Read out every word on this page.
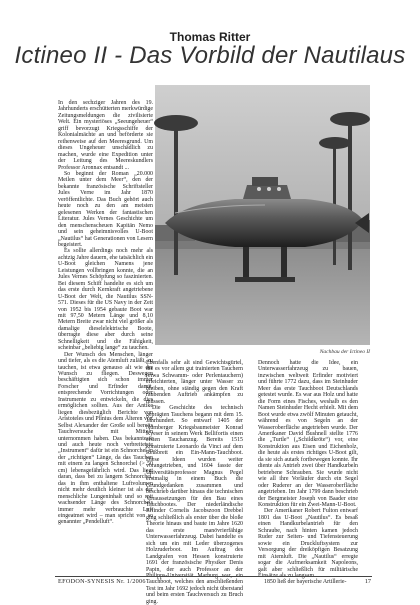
Thomas Ritter
Ictineo II - Das Vorbild der Nautilaus

In den sechziger Jahren des 19. Jahrhunderts erschütterten merkwürdige Zeitungsmeldungen die zivilisierte Welt. Ein mysteriöses „Seeungeheuer“ griff bevorzugt Kriegsschiffe der Kolonialmächte an und beförderte sie reihenweise auf den Meeresgrund. Um dieses Ungeheuer unschädlich zu machen, wurde eine Expedition unter der Leitung des Meereskundlers Professor Aronnax entsandt ...

So beginnt der Roman „20.000 Meilen unter dem Meer“, den der bekannte französische Schriftsteller Jules Verne im Jahr 1870 veröffentlichte. Das Buch gehört auch heute noch zu den am meisten gelesenen Werken der fantastischen Literatur. Jules Vernes Geschichte um den menschenscheuen Kapitän Nemo und sein geheimnisvolles U-Boot „Nautilus“ hat Generationen von Lesern begeistert.

Es sollte allerdings noch mehr als achtzig Jahre dauern, ehe tatsächlich ein U-Boot gleichen Namens jene Leistungen vollbringen konnte, die an Jules Vernes Schöpfung so faszinierten. Bei diesem Schiff handelte es sich um das erste durch Kernkraft angetriebene U-Boot der Welt, die Nautilus SSN-571. Dieses für die US Navy in der Zeit von 1952 bis 1954 gebaute Boot war mit 97,50 Metern Länge und 8,10 Metern Breite zwar nicht viel größer als damalige dieselelektrische Boote, überragte diese aber durch seine Schnelligkeit und die Fähigkeit, scheinbar „beliebig lange“ zu tauchen.

Der Wunsch des Menschen, länger und tiefer, als es die Atemluft zuläßt, zu tauchen, ist etwa genauso alt wie der Wunsch zu fliegen. Deswegen beschäftigten sich schon immer Forscher und Erfinder damit, entsprechende Vorrichtungen oder Instrumente zu entwickeln, die dies ermöglichen sollten. Aus der Antike liegen diesbezüglich Berichte von Aristoteles und Plinius dem Älteren vor. Selbst Alexander der Große soll bereits Tauchversuche mit Mitteln unternommen haben. Das bekannteste und auch heute noch verbreitetste „Instrument“ dafür ist ein Schnorchel in der „richtigen“ Länge, da das Tauchen mit einem zu langen Schnorchel (> 50 cm) lebensgefährlich wird. Das liegt daran, dass bei zu langem Schnorchel, das in ihm enthaltene Luftvolumen nicht mehr deutlich kleiner ist als der menschliche Lungeninhalt und so mit wachsender Länge des Schnorchels immer mehr verbrauchte Luft eingeatmet wird – man spricht von so genannter „Pendelluft“.

Nachbau der Ictineo II

Ebenfalls sehr alt sind Gewichtsgürtel, die es vor allem gut trainierten Tauchern (etwa Schwamm- oder Perlentauchern) erleichterten, länger unter Wasser zu bleiben, ohne ständig gegen den Kraft raubenden Auftrieb ankämpfen zu müssen.

Die Geschichte des technisch geprägten Tauchens begann mit dem 15. Jahrhundert. So entwarf 1405 der Nürnberger Kriegsbaumeister Konrad Kyeser in seinem Werk Bellifortis einen ersten Tauchanzug. Bereits 1515 konstruierte Leonardo da Vinci auf dem Reißbrett ein Ein-Mann-Tauchboot. Diese Ideen wurden weiter vorangetrieben, und 1604 fasste der Universitätsprofessor Magnus Pegel erstmalig in einem Buch die Grundgedanken zusammen und beschrieb darüber hinaus die technischen Voraussetzungen für den Bau eines Tauchbootes. Der niederländische Erfinder Cornelis Jacobszoon Drebbel ging schließlich als erster über die bloße Theorie hinaus und baute im Jahre 1620 das erste manövrierfähige Unterwasserfahrzeug. Dabei handelte es sich um ein mit Leder überzogenes Holzruderboot. Im Auftrag des Landgrafen von Hessen konstruierte 1691 der französische Physiker Denis Papin, der auch Professor an der Philipps-Universität Marburg war, ein Tauchboot, welches den anschließenden Test im Jahr 1692 jedoch nicht überstand und beim ersten Tauchversuch zu Bruch ging.

Dennoch hatte die Idee, ein Unterwasserfahrzeug zu bauen, inzwischen weltweit Erfinder motiviert und führte 1772 dazu, dass im Steinhuder Meer das erste Tauchboot Deutschlands getestet wurde. Es war aus Holz und hatte die Form eines Fisches, weshalb es den Namen Steinhuder Hecht erhielt. Mit dem Boot wurde etwa zwölf Minuten getaucht, während es von Segeln an der Wasseroberfläche angetrieben wurde. Der Amerikaner David Bushnell stellte 1776 die „Turtle“ („Schildkröte“) vor, eine Konstruktion aus Eisen und Eichenholz, die heute als erstes richtiges U-Boot gilt, da sie sich autark fortbewegen konnte. Ihr diente als Antrieb zwei über Handkurbeln betriebene Schrauben. Sie wurde nicht wie all ihre Vorläufer durch ein Segel oder Ruderer an der Wasseroberfläche angetrieben. Im Jahr 1799 dann beschrieb der Bergmeister Joseph von Baader eine Konstruktion für ein Zwei-Mann-U-Boot.

Der Amerikaner Robert Fulton entwarf 1801 das U-Boot „Nautilus“. Es besaß einen Handkurbelantrieb für den Schraube, nach hinten kamen jedoch Ruder zur Seiten- und Tiefensteuerung sowie ein Druckluftsystem zur Versorgung der dreiköpfigen Besatzung mit Atemluft. Die „Nautilus“ erregte sogar die Aufmerksamkeit Napoleons, galt aber schließlich für militärische Einsätze als zu langsam.

1850 ließ der bayerische Artillerie-

EFODON-SYNESIS Nr. 1/2006	17
